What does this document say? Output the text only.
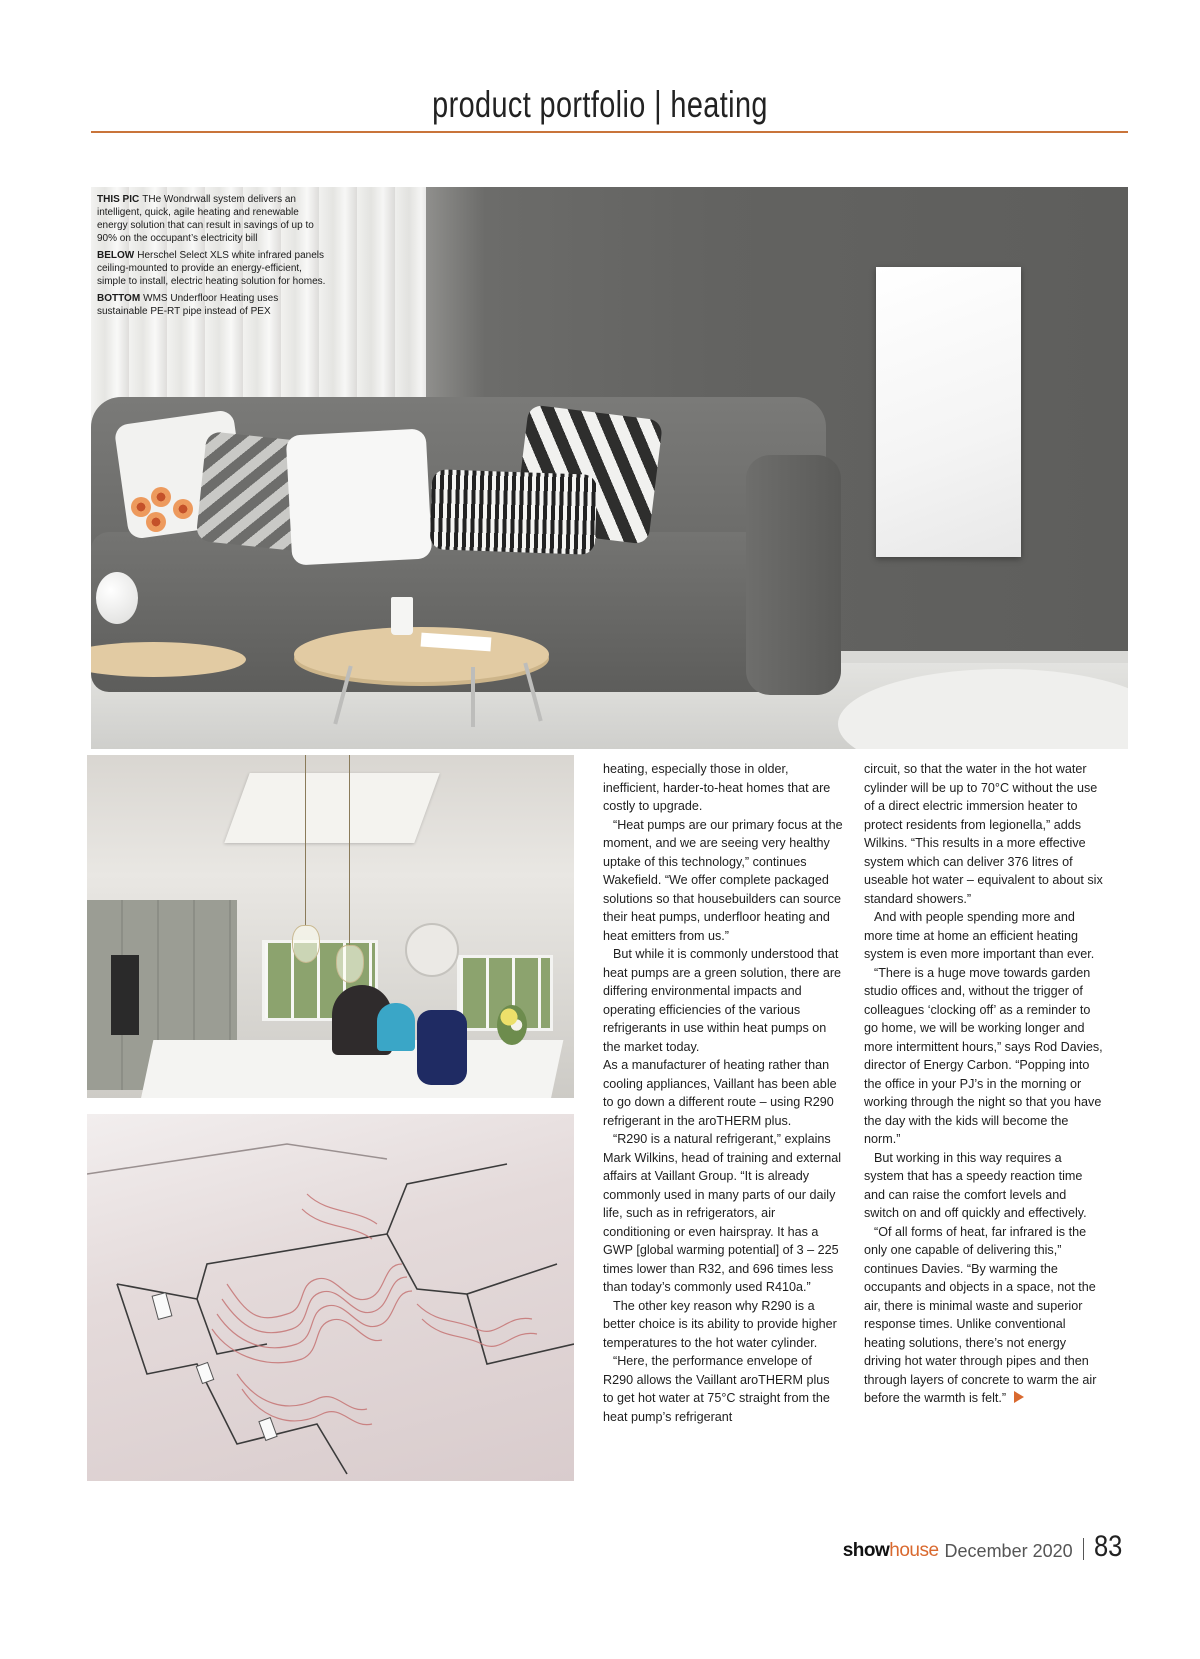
product portfolio | heating

THIS PIC THe Wondrwall system delivers an intelligent, quick, agile heating and renewable energy solution that can result in savings of up to 90% on the occupant’s electricity bill

BELOW Herschel Select XLS white infrared panels ceiling-mounted to provide an energy-efficient, simple to install, electric heating solution for homes.

BOTTOM WMS Underfloor Heating uses sustainable PE-RT pipe instead of PEX

heating, especially those in older, inefficient, harder-to-heat homes that are costly to upgrade.

“Heat pumps are our primary focus at the moment, and we are seeing very healthy uptake of this technology,” continues Wakefield. “We offer complete packaged solutions so that housebuilders can source their heat pumps, underfloor heating and heat emitters from us.”

But while it is commonly understood that heat pumps are a green solution, there are differing environmental impacts and operating efficiencies of the various refrigerants in use within heat pumps on the market today.

As a manufacturer of heating rather than cooling appliances, Vaillant has been able to go down a different route – using R290 refrigerant in the aroTHERM plus.

“R290 is a natural refrigerant,” explains Mark Wilkins, head of training and external affairs at Vaillant Group. “It is already commonly used in many parts of our daily life, such as in refrigerators, air conditioning or even hairspray. It has a GWP [global warming potential] of 3 – 225 times lower than R32, and 696 times less than today’s commonly used R410a.”

The other key reason why R290 is a better choice is its ability to provide higher temperatures to the hot water cylinder.

“Here, the performance envelope of R290 allows the Vaillant aroTHERM plus to get hot water at 75°C straight from the heat pump’s refrigerant

circuit, so that the water in the hot water cylinder will be up to 70°C without the use of a direct electric immersion heater to protect residents from legionella,” adds Wilkins. “This results in a more effective system which can deliver 376 litres of useable hot water – equivalent to about six standard showers.”

And with people spending more and more time at home an efficient heating system is even more important than ever.

“There is a huge move towards garden studio offices and, without the trigger of colleagues ‘clocking off’ as a reminder to go home, we will be working longer and more intermittent hours,” says Rod Davies, director of Energy Carbon. “Popping into the office in your PJ’s in the morning or working through the night so that you have the day with the kids will become the norm.”

But working in this way requires a system that has a speedy reaction time and can raise the comfort levels and switch on and off quickly and effectively.

“Of all forms of heat, far infrared is the only one capable of delivering this,” continues Davies. “By warming the occupants and objects in a space, not the air, there is minimal waste and superior response times. Unlike conventional heating solutions, there’s not energy driving hot water through pipes and then through layers of concrete to warm the air before the warmth is felt.”

show house December 2020 83
